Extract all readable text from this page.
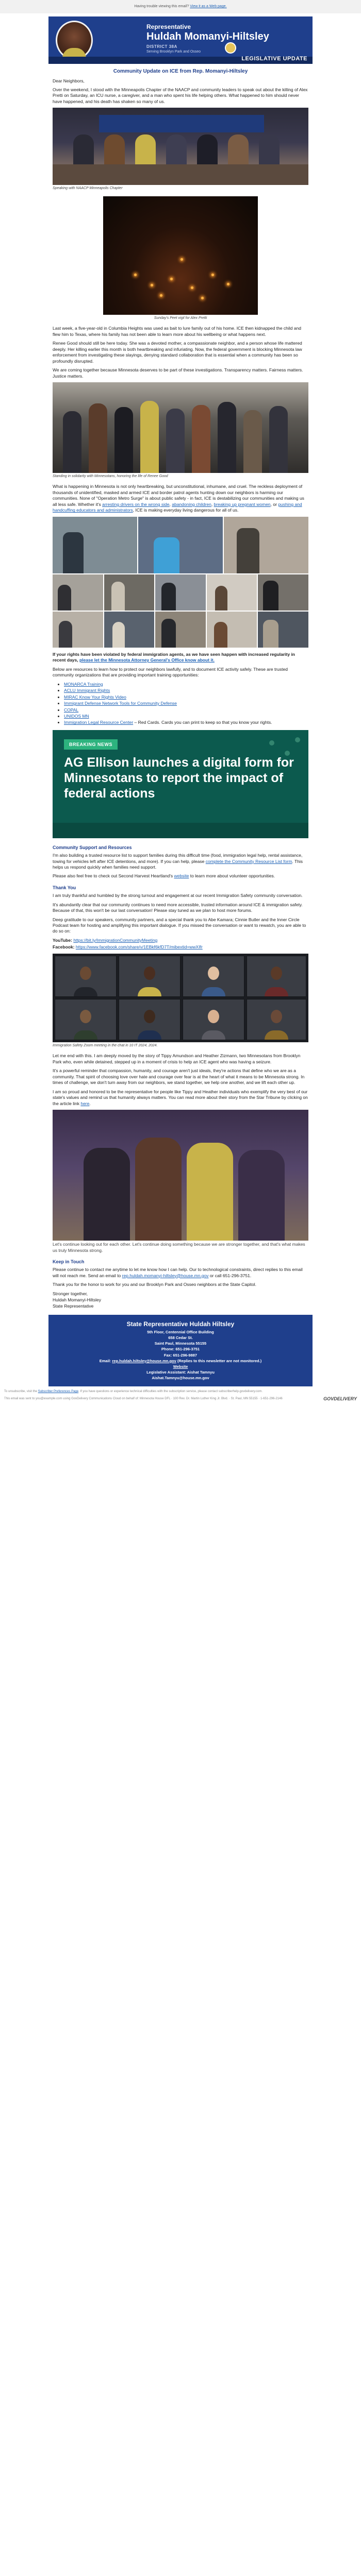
Having trouble viewing this email? View it as a Web page.
Representative
Huldah Momanyi-Hiltsley
DISTRICT 38A
Serving Brooklyn Park and Osseo
LEGISLATIVE UPDATE
Community Update on ICE from Rep. Momanyi-Hiltsley

Dear Neighbors,

Over the weekend, I stood with the Minneapolis Chapter of the NAACP and community leaders to speak out about the killing of Alex Pretti on Saturday, an ICU nurse, a caregiver, and a man who spent his life helping others. What happened to him should never have happened, and his death has shaken so many of us.

Speaking with NAACP Minneapolis Chapter
Sunday's Peet vigil for Alex Pretti

Last week, a five-year-old in Columbia Heights was used as bait to lure family out of his home. ICE then kidnapped the child and flew him to Texas, where his family has not been able to learn more about his wellbeing or what happens next.

Renee Good should still be here today. She was a devoted mother, a compassionate neighbor, and a person whose life mattered deeply. Her killing earlier this month is both heartbreaking and infuriating. Now, the federal government is blocking Minnesota law enforcement from investigating these slayings, denying standard collaboration that is essential when a community has been so profoundly disrupted.

We are coming together because Minnesota deserves to be part of these investigations. Transparency matters. Fairness matters. Justice matters.

Standing in solidarity with Minnesotans, honoring the life of Renee Good

What is happening in Minnesota is not only heartbreaking, but unconstitutional, inhumane, and cruel. The reckless deployment of thousands of unidentified, masked and armed ICE and border patrol agents hunting down our neighbors is harming our communities. None of "Operation Metro Surge" is about public safety - in fact, ICE is destabilizing our communities and making us all less safe. Whether it's arresting drivers on the wrong side, abandoning children, breaking up pregnant women, or pushing and handcuffing educators and administrators, ICE is making everyday living dangerous for all of us.

If your rights have been violated by federal immigration agents, as we have seen happen with increased regularity in recent days, please let the Minnesota Attorney General's Office know about it.

Below are resources to learn how to protect our neighbors lawfully, and to document ICE activity safely. These are trusted community organizations that are providing important training opportunities:

• MONARCA Training
• ACLU Immigrant Rights
• MIRAC Know Your Rights Video
• Immigrant Defense Network Tools for Community Defense
• COPAL
• UNIDOS MN
• Immigration Legal Resource Center – Red Cards. Cards you can print to keep so that you know your rights.
BREAKING NEWS
AG Ellison launches a digital form for Minnesotans to report the impact of federal actions
Community Support and Resources

I'm also building a trusted resource list to support families during this difficult time (food, immigration legal help, rental assistance, towing for vehicles left after ICE detentions, and more). If you can help, please complete the Community Resource List form. This helps us respond quickly when families need support.

Please also feel free to check out Second Harvest Heartland's website to learn more about volunteer opportunities.

Thank You

I am truly thankful and humbled by the strong turnout and engagement at our recent Immigration Safety community conversation.

It's abundantly clear that our community continues to need more accessible, trusted information around ICE & immigration safety. Because of that, this won't be our last conversation! Please stay tuned as we plan to host more forums.

Deep gratitude to our speakers, community partners, and a special thank you to Abe Kamara; Cinnie Butler and the Inner Circle Podcast team for hosting and amplifying this important dialogue. If you missed the conversation or want to rewatch, you are able to do so on:

YouTube: https://bit.ly/ImmigrationCommunityMeeting
Facebook: https://www.facebook.com/share/v/1EBkf6kfD7T/mibextid=wwXIfr
Immigration Safety Zoom meeting in the chat in 10 IT 2024, 2024.

Let me end with this. I am deeply moved by the story of Tippy Amundson and Heather Zizmann, two Minnesotans from Brooklyn Park who, even while detained, stepped up in a moment of crisis to help an ICE agent who was having a seizure.

It's a powerful reminder that compassion, humanity, and courage aren't just ideals, they're actions that define who we are as a community. That spirit of choosing love over hate and courage over fear is at the heart of what it means to be Minnesota strong. In times of challenge, we don't turn away from our neighbors, we stand together, we help one another, and we lift each other up.

I am so proud and honored to be the representative for people like Tippy and Heather individuals who exemplify the very best of our state's values and remind us that humanity always matters. You can read more about their story from the Star Tribune by clicking on the article link here.

Let's continue looking out for each other. Let's continue doing something because we are stronger together, and that's what makes us truly Minnesota strong.
Keep in Touch

Please continue to contact me anytime to let me know how I can help. Our to technological constraints, direct replies to this email will not reach me. Send an email to rep.huldah.momanyi-hiltsley@house.mn.gov or call 651-296-3751.

Thank you for the honor to work for you and our Brooklyn Park and Osseo neighbors at the State Capitol.

Stronger together,
Huldah Momanyi-Hiltsley
State Representative
State Representative Huldah Hiltsley
5th Floor, Centennial Office Building
658 Cedar St.
Saint Paul, Minnesota 55155
Phone: 651-296-3751
Fax: 651-296-9887
Email: rep.huldah.hiltsley@house.mn.gov (Replies to this newsletter are not monitored.)
Website
Legislative Assistant: Aishat Tamnyu
Aishat.Tamnyu@house.mn.gov
To unsubscribe, visit the Subscriber Preferences Page. If you have questions or experience technical difficulties with the subscription service, please contact subscriberhelp.govdelivery.com.
This email was sent to you@example.com using GovDelivery Communications Cloud on behalf of: Minnesota House DFL · 100 Rev. Dr. Martin Luther King Jr. Blvd. · St. Paul, MN 55155 · 1-651-296-2146	GOVDELIVERY
